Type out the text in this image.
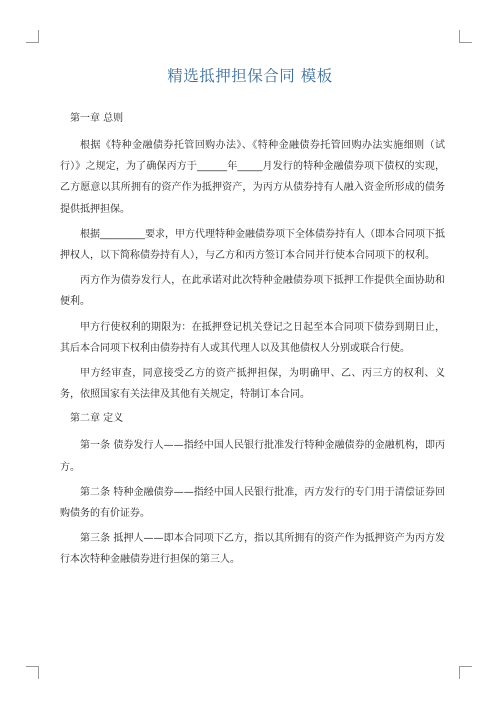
精选抵押担保合同 模板
第一章 总则

根据《特种金融债券托管回购办法》、《特种金融债券托管回购办法实施细则（试行）》之规定，为了确保丙方于______年_____月发行的特种金融债券项下债权的实现，乙方愿意以其所拥有的资产作为抵押资产，为丙方从债券持有人融入资金所形成的债务提供抵押担保。

根据_________要求，甲方代理特种金融债券项下全体债券持有人（即本合同项下抵押权人，以下简称债券持有人），与乙方和丙方签订本合同并行使本合同项下的权利。

丙方作为债券发行人，在此承诺对此次特种金融债券项下抵押工作提供全面协助和便利。

甲方行使权利的期限为：在抵押登记机关登记之日起至本合同项下债券到期日止，其后本合同项下权利由债券持有人或其代理人以及其他债权人分别或联合行使。

甲方经审查，同意接受乙方的资产抵押担保，为明确甲、乙、丙三方的权利、义务，依照国家有关法律及其他有关规定，特制订本合同。

第二章 定义

第一条 债券发行人——指经中国人民银行批准发行特种金融债券的金融机构，即丙方。

第二条 特种金融债券——指经中国人民银行批准，丙方发行的专门用于清偿证券回购债务的有价证券。

第三条 抵押人——即本合同项下乙方，指以其所拥有的资产作为抵押资产为丙方发行本次特种金融债券进行担保的第三人。
